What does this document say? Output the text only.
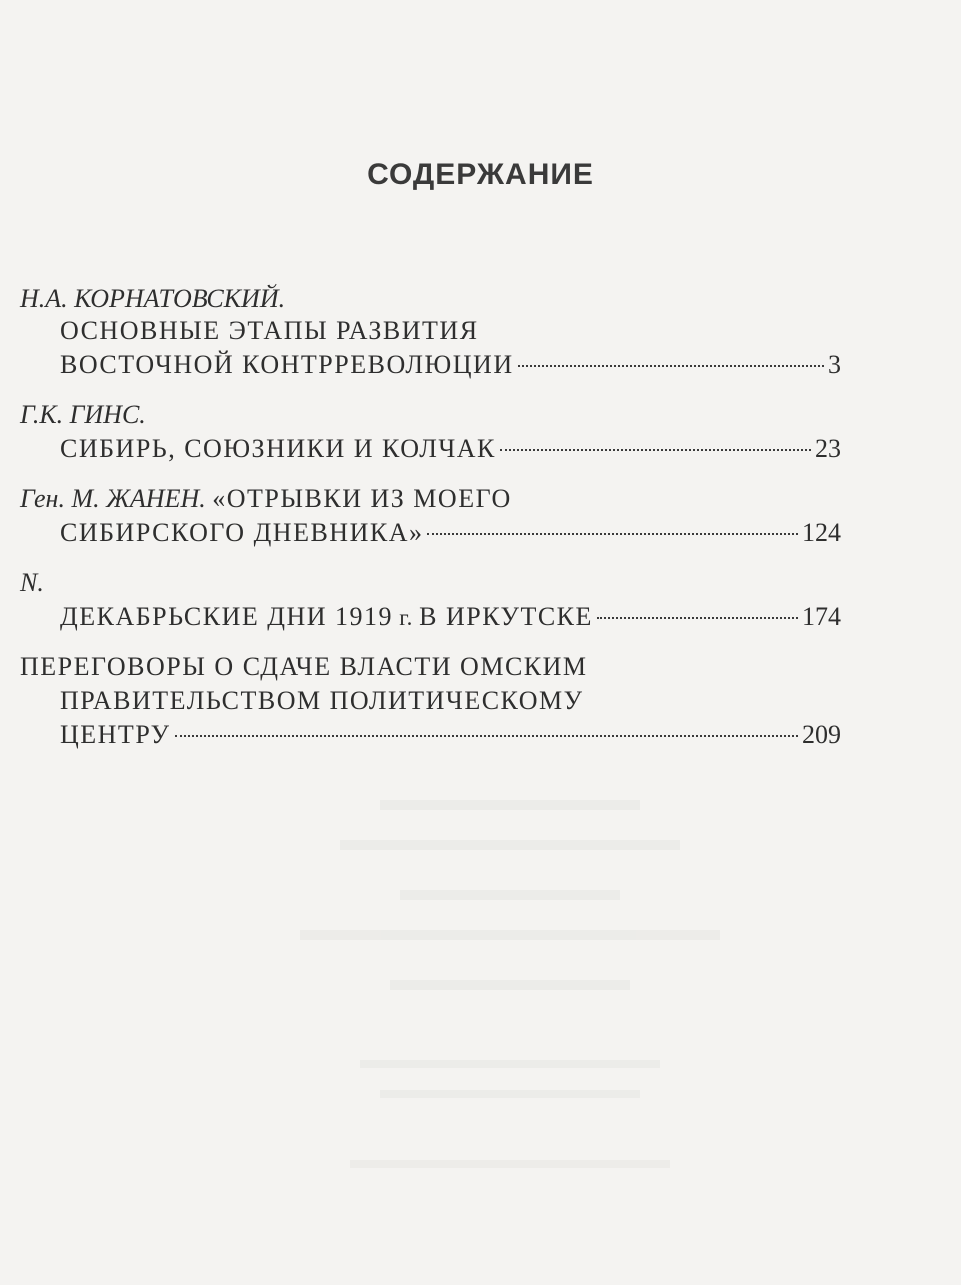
СОДЕРЖАНИЕ
Н.А. КОРНАТОВСКИЙ.
ОСНОВНЫЕ ЭТАПЫ РАЗВИТИЯ
ВОСТОЧНОЙ КОНТРРЕВОЛЮЦИИ	3
Г.К. ГИНС.
СИБИРЬ, СОЮЗНИКИ И КОЛЧАК	23
Ген. М. ЖАНЕН. «ОТРЫВКИ ИЗ МОЕГО
СИБИРСКОГО ДНЕВНИКА»	124
N.
ДЕКАБРЬСКИЕ ДНИ 1919 г. В ИРКУТСКЕ	174
ПЕРЕГОВОРЫ О СДАЧЕ ВЛАСТИ ОМСКИМ
ПРАВИТЕЛЬСТВОМ ПОЛИТИЧЕСКОМУ
ЦЕНТРУ	209
